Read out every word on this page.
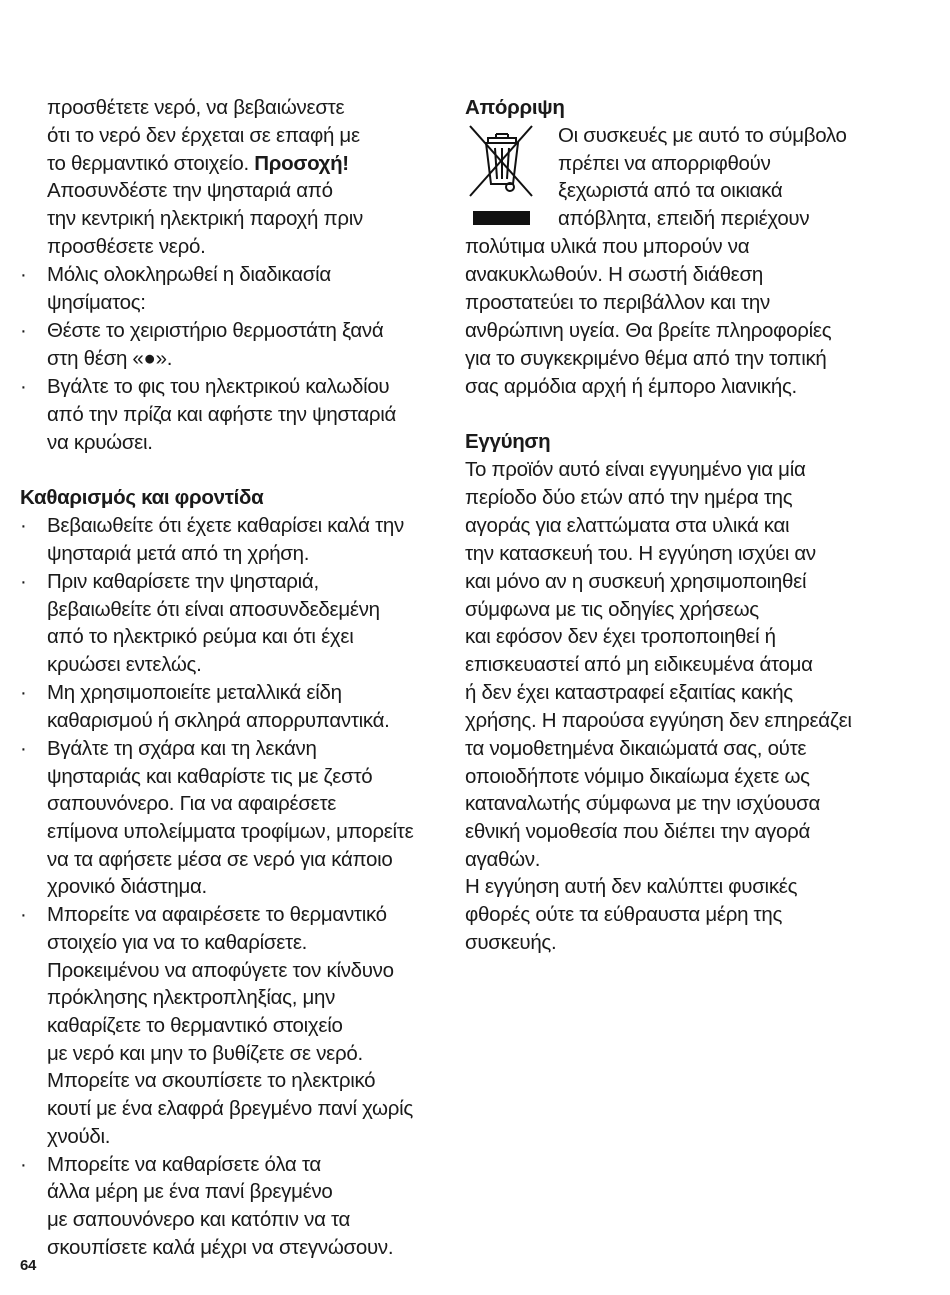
προσθέτετε νερό, να βεβαιώνεστε
ότι το νερό δεν έρχεται σε επαφή με
το θερμαντικό στοιχείο. Προσοχή!
Αποσυνδέστε την ψησταριά από
την κεντρική ηλεκτρική παροχή πριν
προσθέσετε νερό.
· Μόλις ολοκληρωθεί η διαδικασία
ψησίματος:
· Θέστε το χειριστήριο θερμοστάτη ξανά
στη θέση «●».
· Βγάλτε το φις του ηλεκτρικού καλωδίου
από την πρίζα και αφήστε την ψησταριά
να κρυώσει.
Καθαρισμός και φροντίδα
· Βεβαιωθείτε ότι έχετε καθαρίσει καλά την
ψησταριά μετά από τη χρήση.
· Πριν καθαρίσετε την ψησταριά,
βεβαιωθείτε ότι είναι αποσυνδεδεμένη
από το ηλεκτρικό ρεύμα και ότι έχει
κρυώσει εντελώς.
· Μη χρησιμοποιείτε μεταλλικά είδη
καθαρισμού ή σκληρά απορρυπαντικά.
· Βγάλτε τη σχάρα και τη λεκάνη
ψησταριάς και καθαρίστε τις με ζεστό
σαπουνόνερο. Για να αφαιρέσετε
επίμονα υπολείμματα τροφίμων, μπορείτε
να τα αφήσετε μέσα σε νερό για κάποιο
χρονικό διάστημα.
· Μπορείτε να αφαιρέσετε το θερμαντικό
στοιχείο για να το καθαρίσετε.
Προκειμένου να αποφύγετε τον κίνδυνο
πρόκλησης ηλεκτροπληξίας, μην
καθαρίζετε το θερμαντικό στοιχείο
με νερό και μην το βυθίζετε σε νερό.
Μπορείτε να σκουπίσετε το ηλεκτρικό
κουτί με ένα ελαφρά βρεγμένο πανί χωρίς
χνούδι.
· Μπορείτε να καθαρίσετε όλα τα
άλλα μέρη με ένα πανί βρεγμένο
με σαπουνόνερο και κατόπιν να τα
σκουπίσετε καλά μέχρι να στεγνώσουν.
Απόρριψη
Οι συσκευές με αυτό το σύμβολο
πρέπει να απορριφθούν
ξεχωριστά από τα οικιακά
απόβλητα, επειδή περιέχουν
πολύτιμα υλικά που μπορούν να
ανακυκλωθούν. Η σωστή διάθεση
προστατεύει το περιβάλλον και την
ανθρώπινη υγεία. Θα βρείτε πληροφορίες
για το συγκεκριμένο θέμα από την τοπική
σας αρμόδια αρχή ή έμπορο λιανικής.
Εγγύηση
Το προϊόν αυτό είναι εγγυημένο για μία
περίοδο δύο ετών από την ημέρα της
αγοράς για ελαττώματα στα υλικά και
την κατασκευή του. Η εγγύηση ισχύει αν
και μόνο αν η συσκευή χρησιμοποιηθεί
σύμφωνα με τις οδηγίες χρήσεως
και εφόσον δεν έχει τροποποιηθεί ή
επισκευαστεί από μη ειδικευμένα άτομα
ή δεν έχει καταστραφεί εξαιτίας κακής
χρήσης. Η παρούσα εγγύηση δεν επηρεάζει
τα νομοθετημένα δικαιώματά σας, ούτε
οποιοδήποτε νόμιμο δικαίωμα έχετε ως
καταναλωτής σύμφωνα με την ισχύουσα
εθνική νομοθεσία που διέπει την αγορά
αγαθών.
Η εγγύηση αυτή δεν καλύπτει φυσικές
φθορές ούτε τα εύθραυστα μέρη της
συσκευής.
64
